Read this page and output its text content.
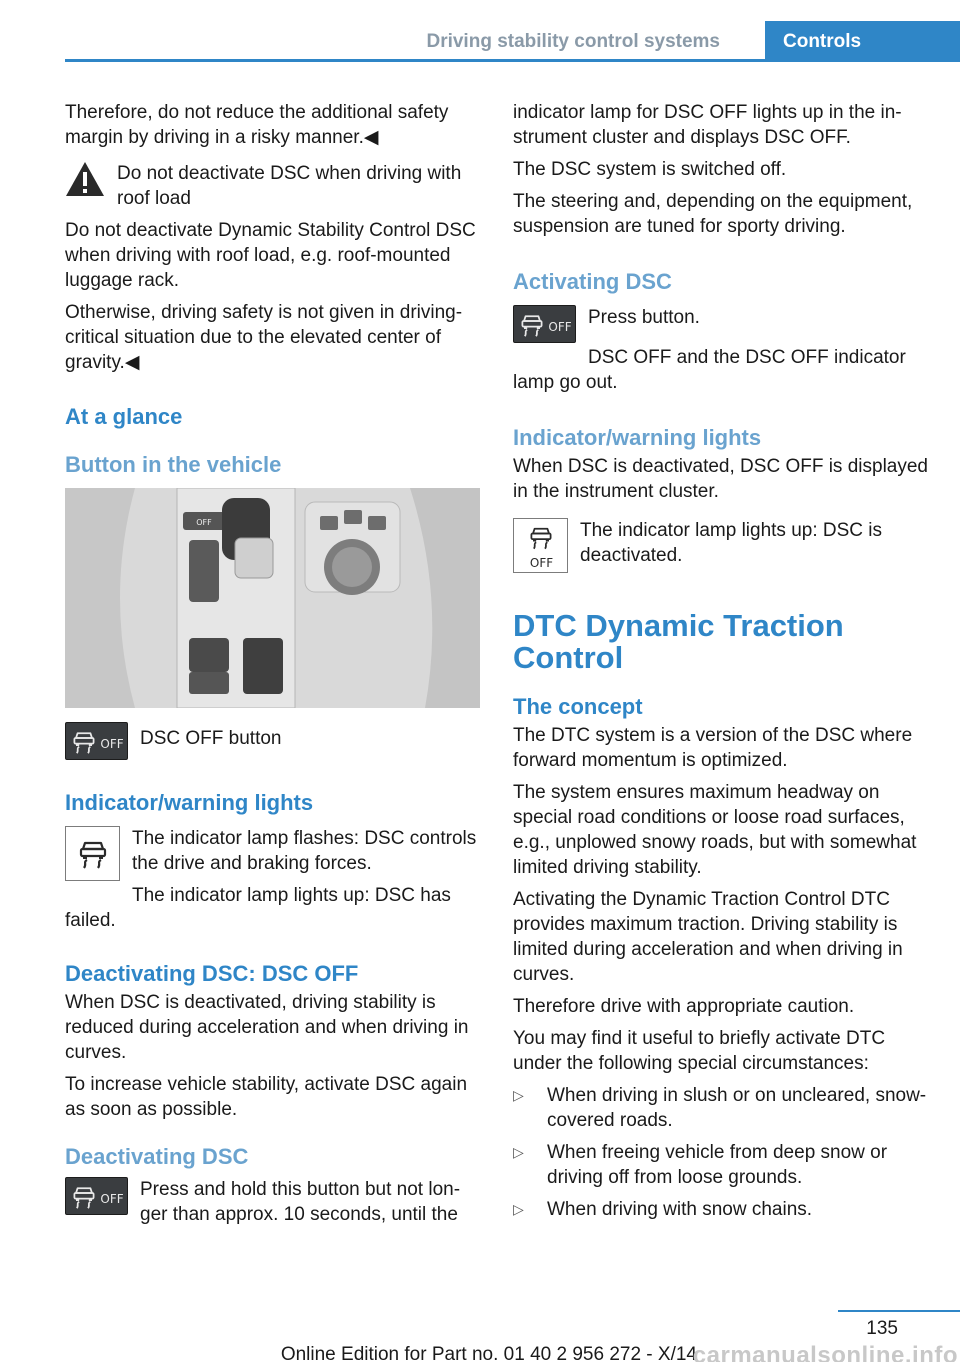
Driving stability control systems	Controls

Therefore, do not reduce the additional safety margin by driving in a risky manner.◀

Do not deactivate DSC when driving with roof load

Do not deactivate Dynamic Stability Control DSC when driving with roof load, e.g. roof-mounted luggage rack.

Otherwise, driving safety is not given in driving-critical situation due to the elevated center of gravity.◀

At a glance
Button in the vehicle
OFF
OFF DSC OFF button

Indicator/warning lights

The indicator lamp flashes: DSC controls the drive and braking forces.

The indicator lamp lights up: DSC has failed.

Deactivating DSC: DSC OFF

When DSC is deactivated, driving stability is reduced during acceleration and when driving in curves.

To increase vehicle stability, activate DSC again as soon as possible.

Deactivating DSC
OFF Press and hold this button but not longer than approx. 10 seconds, until the

indicator lamp for DSC OFF lights up in the instrument cluster and displays DSC OFF.

The DSC system is switched off.

The steering and, depending on the equipment, suspension are tuned for sporty driving.

Activating DSC
OFF Press button.

DSC OFF and the DSC OFF indicator lamp go out.

Indicator/warning lights

When DSC is deactivated, DSC OFF is displayed in the instrument cluster.

OFF

The indicator lamp lights up: DSC is deactivated.

DTC Dynamic Traction Control
The concept

The DTC system is a version of the DSC where forward momentum is optimized.

The system ensures maximum headway on special road conditions or loose road surfaces, e.g., unplowed snowy roads, but with somewhat limited driving stability.

Activating the Dynamic Traction Control DTC provides maximum traction. Driving stability is limited during acceleration and when driving in curves.

Therefore drive with appropriate caution.

You may find it useful to briefly activate DTC under the following special circumstances:

▷ When driving in slush or on uncleared, snow-covered roads.
▷ When freeing vehicle from deep snow or driving off from loose grounds.
▷ When driving with snow chains.
135
Online Edition for Part no. 01 40 2 956 272 - X/14
carmanualsonline.info
